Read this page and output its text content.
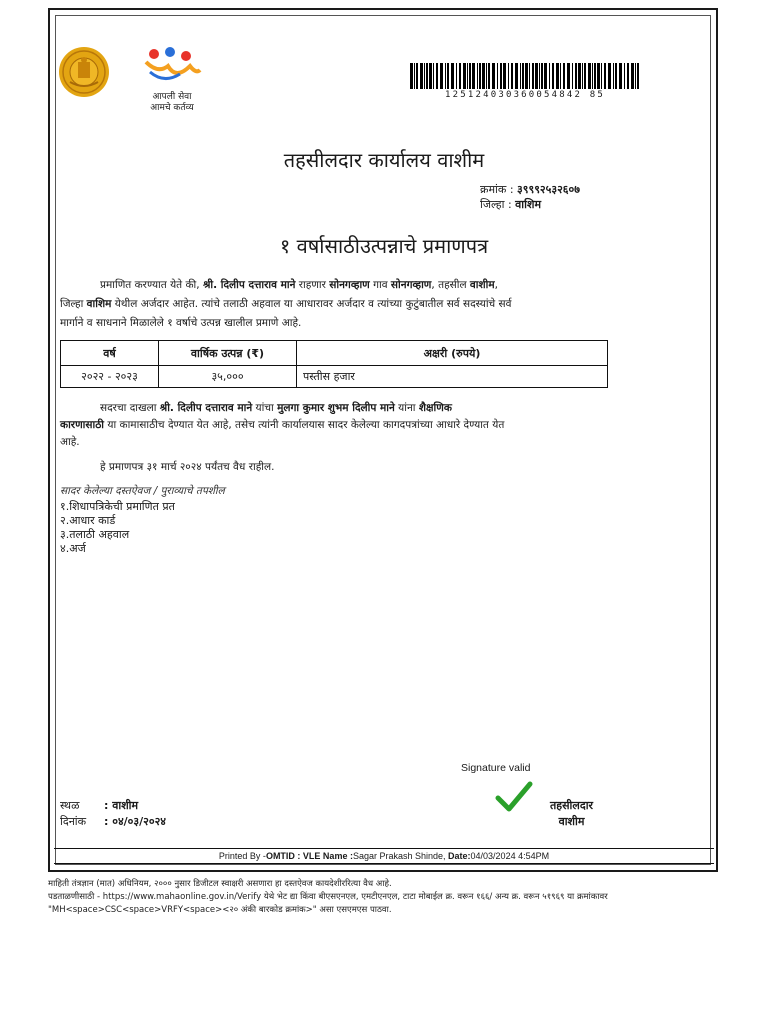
आपली सेवा
आमचे कर्तव्य
125124030360054842 85
तहसीलदार कार्यालय वाशीम
क्रमांक : ३९९९२५३२६०७
जिल्हा : वाशिम
१ वर्षासाठीउत्पन्नाचे प्रमाणपत्र
प्रमाणित करण्यात येते की, श्री. दिलीप दत्ताराव माने राहणार सोनगव्हाण गाव सोनगव्हाण, तहसील वाशीम,
जिल्हा वाशिम येथील अर्जदार आहेत. त्यांचे तलाठी अहवाल या आधारावर अर्जदार व त्यांच्या कुटुंबातील सर्व सदस्यांचे सर्व
मार्गाने व साधनाने मिळालेले १ वर्षाचे उत्पन्न खालील प्रमाणे आहे.
वर्ष	वार्षिक उत्पन्न (₹)	अक्षरी (रुपये)
२०२२ - २०२३	३५,०००	पस्तीस हजार
सदरचा दाखला श्री. दिलीप दत्ताराव माने यांचा मुलगा कुमार शुभम दिलीप माने यांना शैक्षणिक
कारणासाठी या कामासाठीच देण्यात येत आहे, तसेच त्यांनी कार्यालयास सादर केलेल्या कागदपत्रांच्या आधारे देण्यात येत
आहे.
हे प्रमाणपत्र ३१ मार्च २०२४ पर्यंतच वैध राहील.
सादर केलेल्या दस्तऐवज / पुराव्याचे तपशील
१.शिधापत्रिकेची प्रमाणित प्रत
२.आधार कार्ड
३.तलाठी अहवाल
४.अर्ज
Signature valid
तहसीलदार
वाशीम
स्थळ : वाशीम
दिनांक : ०४/०३/२०२४
Printed By -OMTID : VLE Name :Sagar Prakash Shinde, Date:04/03/2024 4:54PM
माहिती तंत्रज्ञान (मात) अधिनियम, २००० नुसार डिजीटल स्वाक्षरी असणारा हा दस्तऐवज कायदेशीररित्या वैध आहे.
पडताळणीसाठी - https://www.mahaonline.gov.in/Verify येथे भेट द्या किंवा बीएसएनएल, एमटीएनएल, टाटा मोबाईल क्र. वरून १६६/ अन्य क्र. वरून ५१९६९ या क्रमांकावर
"MH<space>CSC<space>VRFY<space><२० अंकी बारकोड क्रमांक>" असा एसएमएस पाठवा.
